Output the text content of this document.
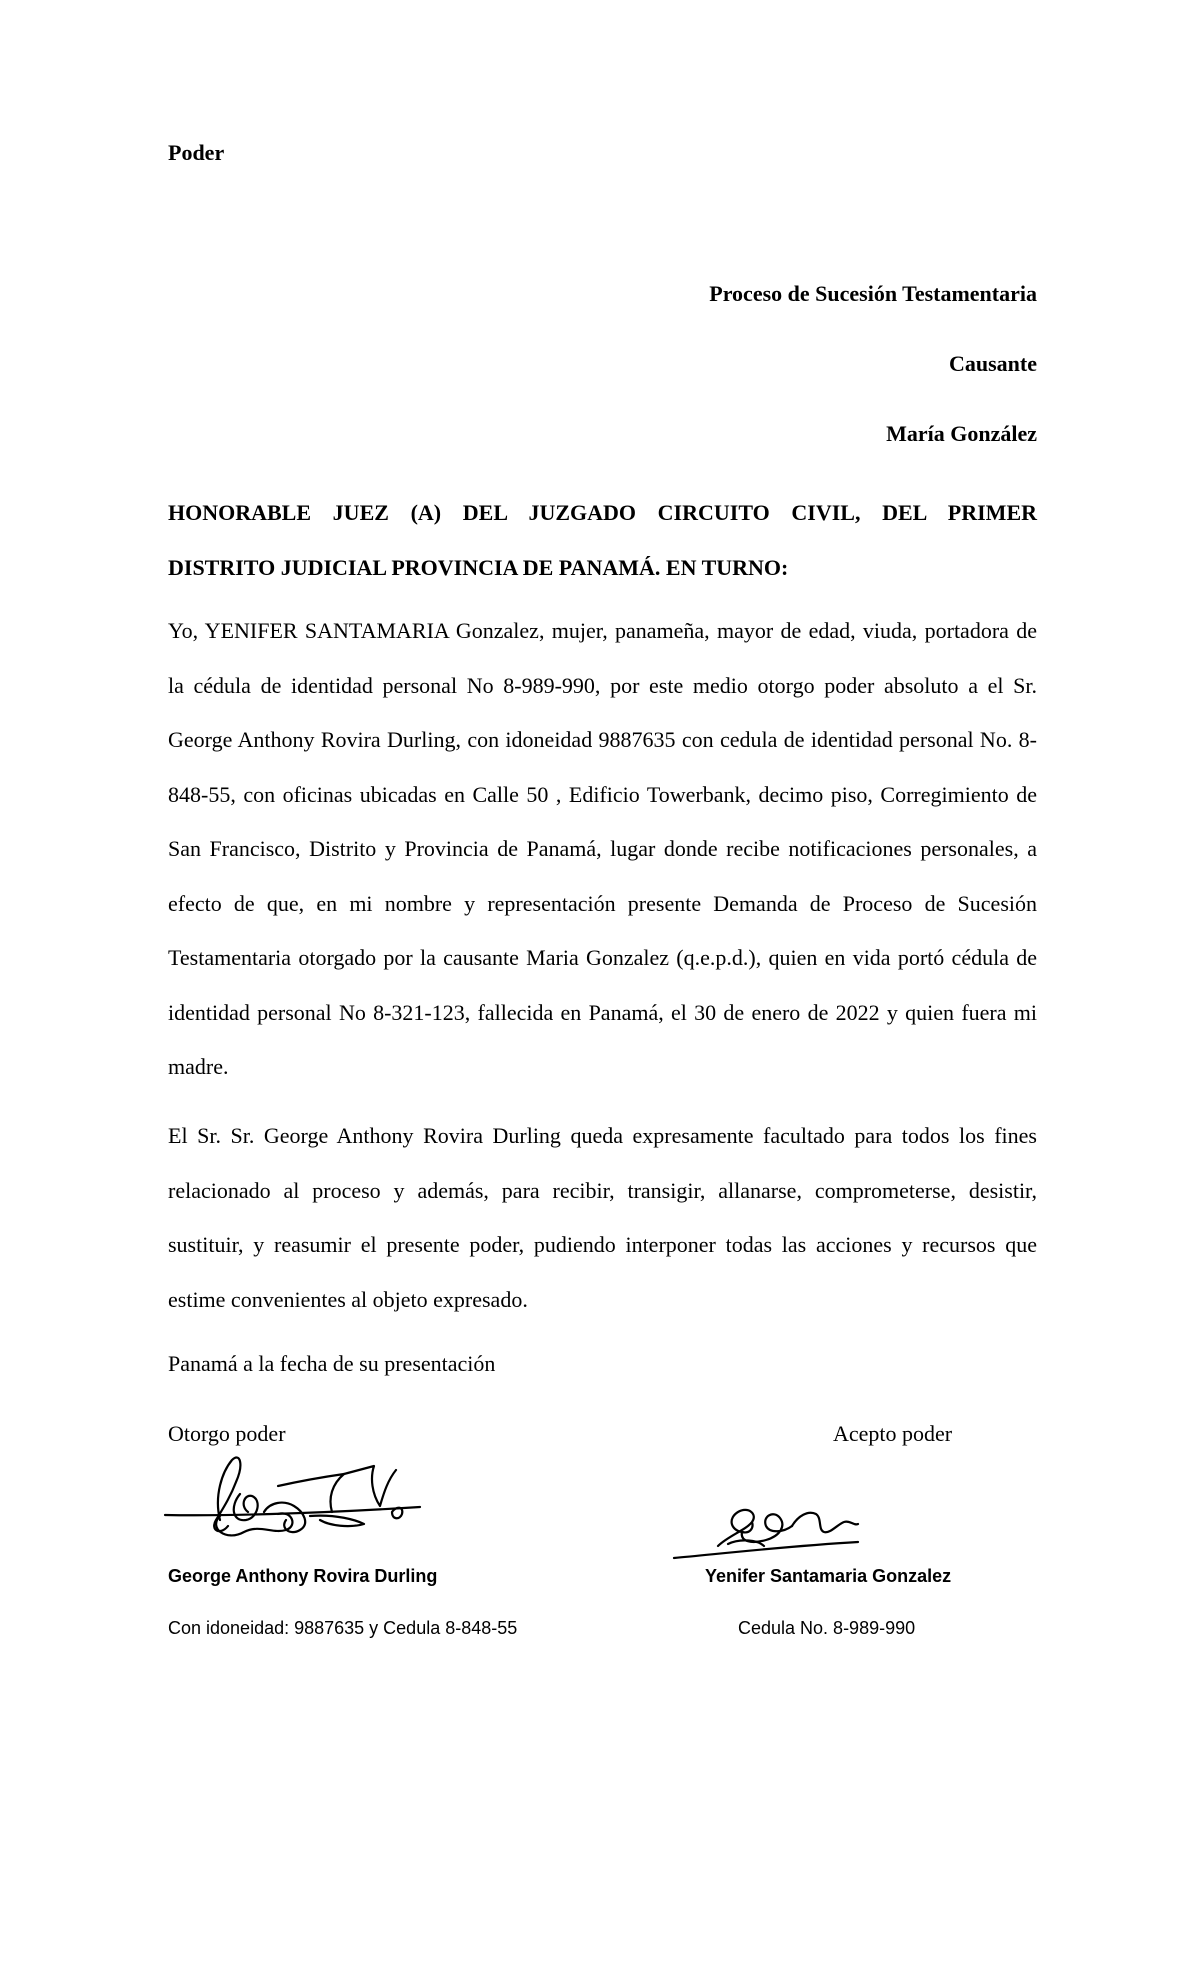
Poder
Proceso de Sucesión Testamentaria
Causante
María González
HONORABLE JUEZ (A) DEL JUZGADO CIRCUITO CIVIL, DEL PRIMER
DISTRITO JUDICIAL PROVINCIA DE PANAMÁ. EN TURNO:
Yo, YENIFER SANTAMARIA Gonzalez, mujer, panameña, mayor de edad, viuda, portadora de la cédula de identidad personal No 8-989-990, por este medio otorgo poder absoluto a el Sr. George Anthony Rovira Durling, con idoneidad 9887635 con cedula de identidad personal No. 8-848-55, con oficinas ubicadas en Calle 50 , Edificio Towerbank, decimo piso, Corregimiento de San Francisco, Distrito y Provincia de Panamá, lugar donde recibe notificaciones personales, a efecto de que, en mi nombre y representación presente Demanda de Proceso de Sucesión Testamentaria otorgado por la causante Maria Gonzalez (q.e.p.d.), quien en vida portó cédula de identidad personal No 8-321-123, fallecida en Panamá, el 30 de enero de 2022 y quien fuera mi madre.
El Sr. Sr. George Anthony Rovira Durling queda expresamente facultado para todos los fines relacionado al proceso y además, para recibir, transigir, allanarse, comprometerse, desistir, sustituir, y reasumir el presente poder, pudiendo interponer todas las acciones y recursos que estime convenientes al objeto expresado.
Panamá a la fecha de su presentación
Otorgo poder	Acepto poder
George Anthony Rovira Durling	Yenifer Santamaria Gonzalez
Con idoneidad: 9887635 y Cedula 8-848-55	Cedula No. 8-989-990
